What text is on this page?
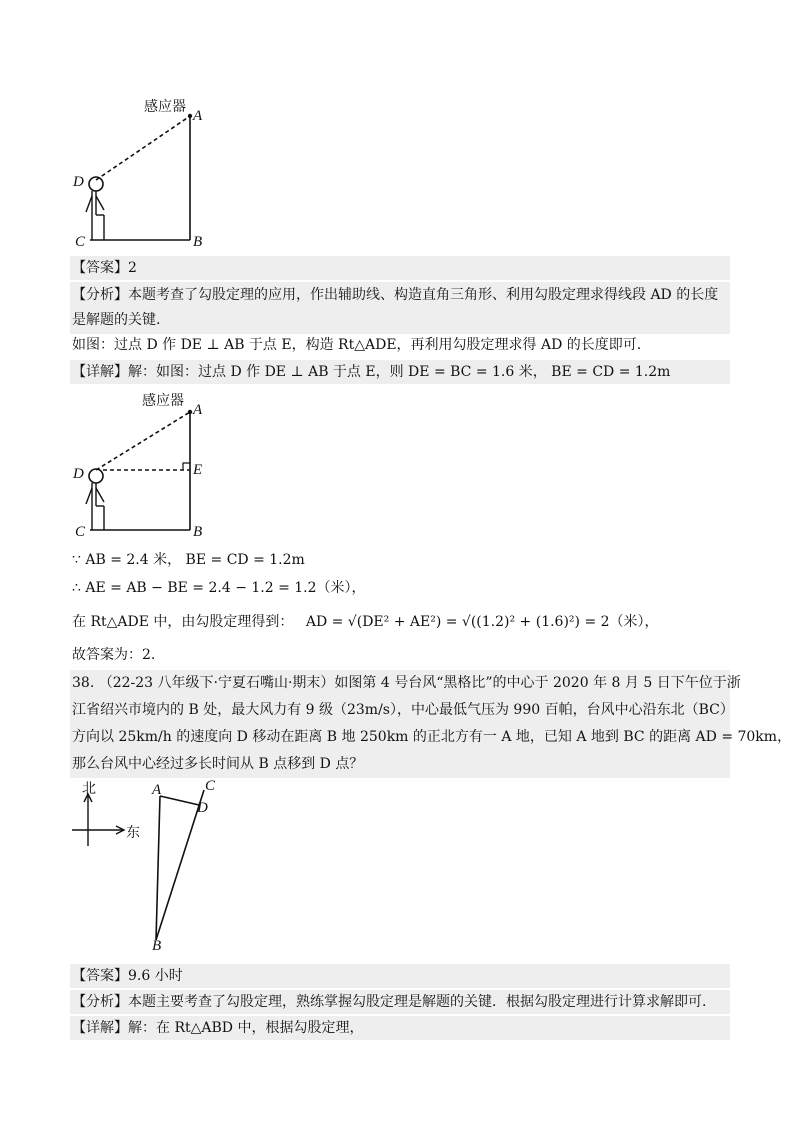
感应器
A
D
C	B
【答案】2
【分析】本题考查了勾股定理的应用，作出辅助线、构造直角三角形、利用勾股定理求得线段 AD 的长度
是解题的关键.
如图：过点 D 作 DE ⊥ AB 于点 E，构造 Rt△ADE，再利用勾股定理求得 AD 的长度即可.
【详解】解：如图：过点 D 作 DE ⊥ AB 于点 E，则 DE = BC = 1.6 米， BE = CD = 1.2m
感应器
A
D	E
C	B
∵ AB = 2.4 米， BE = CD = 1.2m
∴ AE = AB − BE = 2.4 − 1.2 = 1.2（米），
在 Rt△ADE 中，由勾股定理得到： AD = √(DE² + AE²) = √((1.2)² + (1.6)²) = 2（米），
故答案为：2.
38. （22-23 八年级下·宁夏石嘴山·期末）如图第 4 号台风“黑格比”的中心于 2020 年 8 月 5 日下午位于浙
江省绍兴市境内的 B 处，最大风力有 9 级（23m/s），中心最低气压为 990 百帕，台风中心沿东北（BC）
方向以 25km/h 的速度向 D 移动在距离 B 地 250km 的正北方有一 A 地，已知 A 地到 BC 的距离 AD = 70km，
那么台风中心经过多长时间从 B 点移到 D 点？
北
东
A	C
D
B
【答案】9.6 小时
【分析】本题主要考查了勾股定理，熟练掌握勾股定理是解题的关键．根据勾股定理进行计算求解即可.
【详解】解：在 Rt△ABD 中，根据勾股定理，
